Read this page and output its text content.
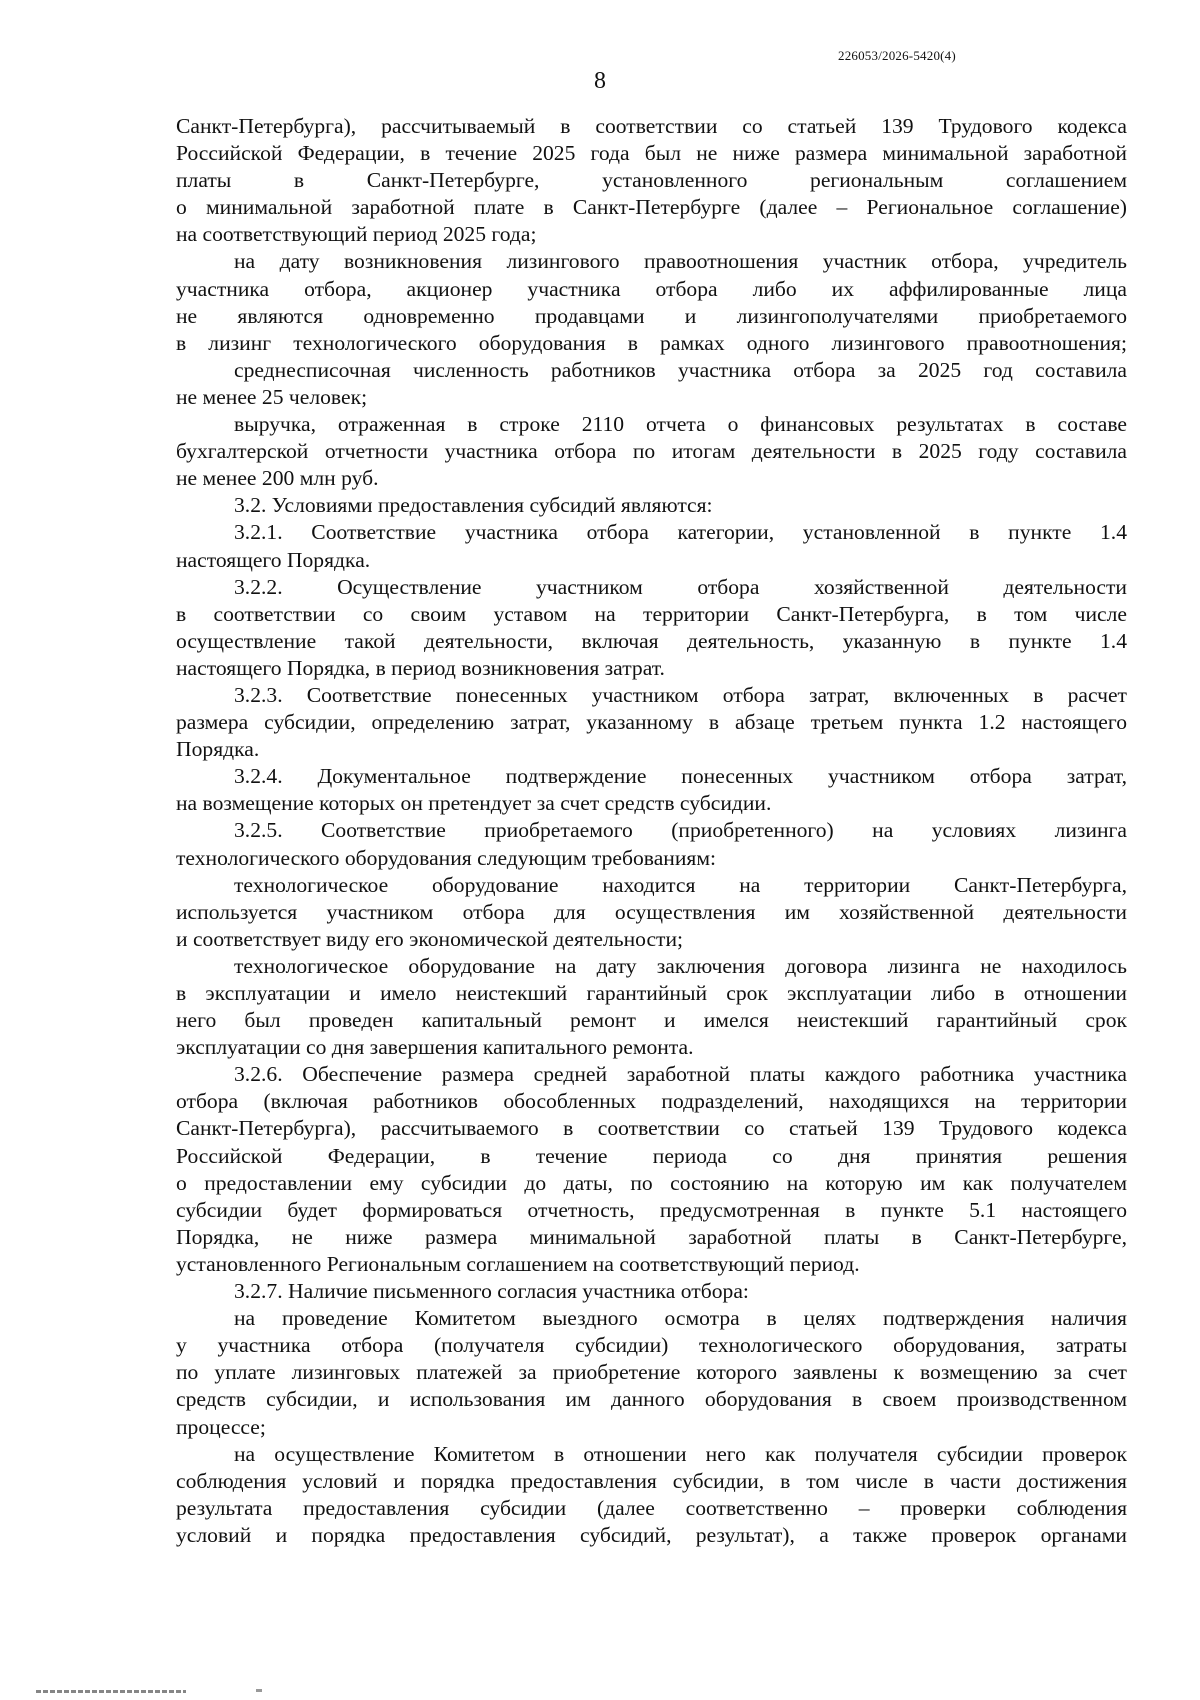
226053/2026-5420(4)
8
Санкт-Петербурга), рассчитываемый в соответствии со статьей 139 Трудового кодекса
Российской Федерации, в течение 2025 года был не ниже размера минимальной заработной
платы в Санкт-Петербурге, установленного региональным соглашением
о минимальной заработной плате в Санкт-Петербурге (далее – Региональное соглашение)
на соответствующий период 2025 года;
на дату возникновения лизингового правоотношения участник отбора, учредитель
участника отбора, акционер участника отбора либо их аффилированные лица
не являются одновременно продавцами и лизингополучателями приобретаемого
в лизинг технологического оборудования в рамках одного лизингового правоотношения;
среднесписочная численность работников участника отбора за 2025 год составила
не менее 25 человек;
выручка, отраженная в строке 2110 отчета о финансовых результатах в составе
бухгалтерской отчетности участника отбора по итогам деятельности в 2025 году составила
не менее 200 млн руб.
3.2. Условиями предоставления субсидий являются:
3.2.1. Соответствие участника отбора категории, установленной в пункте 1.4
настоящего Порядка.
3.2.2. Осуществление участником отбора хозяйственной деятельности
в соответствии со своим уставом на территории Санкт-Петербурга, в том числе
осуществление такой деятельности, включая деятельность, указанную в пункте 1.4
настоящего Порядка, в период возникновения затрат.
3.2.3. Соответствие понесенных участником отбора затрат, включенных в расчет
размера субсидии, определению затрат, указанному в абзаце третьем пункта 1.2 настоящего
Порядка.
3.2.4. Документальное подтверждение понесенных участником отбора затрат,
на возмещение которых он претендует за счет средств субсидии.
3.2.5. Соответствие приобретаемого (приобретенного) на условиях лизинга
технологического оборудования следующим требованиям:
технологическое оборудование находится на территории Санкт-Петербурга,
используется участником отбора для осуществления им хозяйственной деятельности
и соответствует виду его экономической деятельности;
технологическое оборудование на дату заключения договора лизинга не находилось
в эксплуатации и имело неистекший гарантийный срок эксплуатации либо в отношении
него был проведен капитальный ремонт и имелся неистекший гарантийный срок
эксплуатации со дня завершения капитального ремонта.
3.2.6. Обеспечение размера средней заработной платы каждого работника участника
отбора (включая работников обособленных подразделений, находящихся на территории
Санкт-Петербурга), рассчитываемого в соответствии со статьей 139 Трудового кодекса
Российской Федерации, в течение периода со дня принятия решения
о предоставлении ему субсидии до даты, по состоянию на которую им как получателем
субсидии будет формироваться отчетность, предусмотренная в пункте 5.1 настоящего
Порядка, не ниже размера минимальной заработной платы в Санкт-Петербурге,
установленного Региональным соглашением на соответствующий период.
3.2.7. Наличие письменного согласия участника отбора:
на проведение Комитетом выездного осмотра в целях подтверждения наличия
у участника отбора (получателя субсидии) технологического оборудования, затраты
по уплате лизинговых платежей за приобретение которого заявлены к возмещению за счет
средств субсидии, и использования им данного оборудования в своем производственном
процессе;
на осуществление Комитетом в отношении него как получателя субсидии проверок
соблюдения условий и порядка предоставления субсидии, в том числе в части достижения
результата предоставления субсидии (далее соответственно – проверки соблюдения
условий и порядка предоставления субсидий, результат), а также проверок органами
